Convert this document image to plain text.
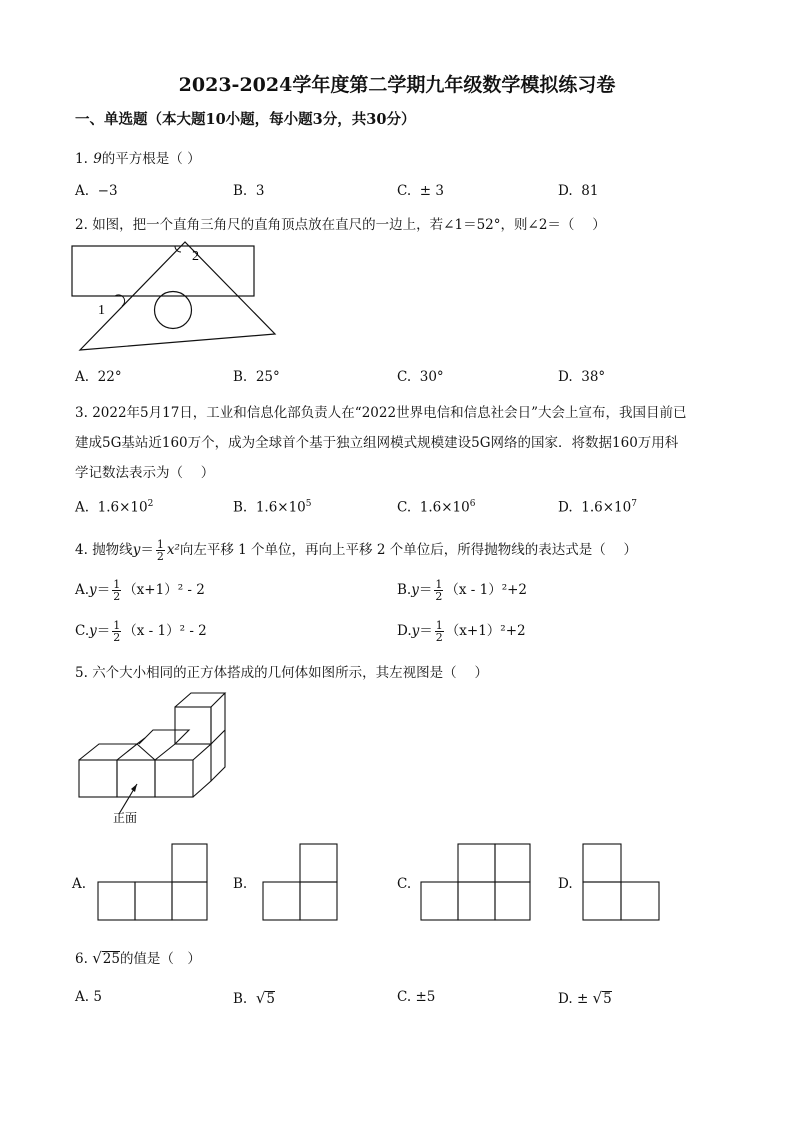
2023-2024学年度第二学期九年级数学模拟练习卷
一、单选题（本大题10小题，每小题3分，共30分）
1. 9的平方根是（ ）
A. −3	B. 3	C. ± 3	D. 81
2. 如图，把一个直角三角尺的直角顶点放在直尺的一边上，若∠1＝52°，则∠2＝（　 ）
1
2
A. 22°	B. 25°	C. 30°	D. 38°
3. 2022年5月17日，工业和信息化部负责人在“2022世界电信和信息社会日”大会上宣布，我国目前已
建成5G基站近160万个，成为全球首个基于独立组网模式规模建设5G网络的国家．将数据160万用科
学记数法表示为（　 ）
A. $1.6\times 10^2$	B. $1.6\times 10^5$	C. $1.6\times 10^6$	D. $1.6\times 10^7$
4. 抛物线$y= \frac{1}{2} x^2$向左平移 1 个单位，再向上平移 2 个单位后，所得抛物线的表达式是（　 ）
$A.y= \frac{1}{2} (x+1)^2 - 2$	$B.y= \frac{1}{2} (x - 1)^2+2$
$C.y= \frac{1}{2} (x - 1)^2 - 2$	$D.y= \frac{1}{2} (x+1)^2+2$
5. 六个大小相同的正方体搭成的几何体如图所示，其左视图是（　 ）
正面
A.	B.	C.	D.
6. √25的值是（　）
A. 5	B. √5	C. ±5	D. ± √5
